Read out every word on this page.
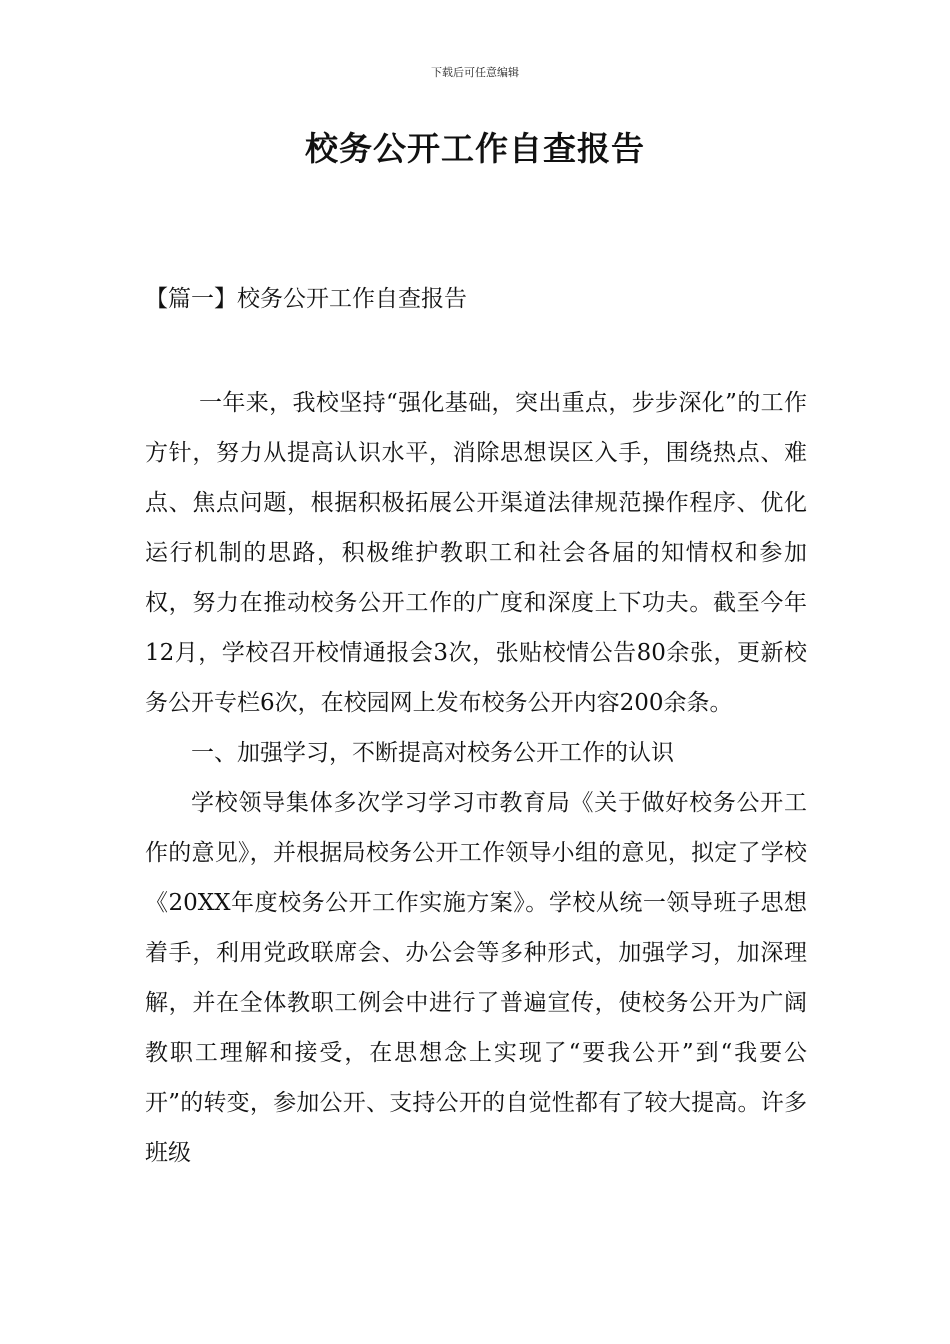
下载后可任意编辑
校务公开工作自查报告
【篇一】校务公开工作自查报告

一年来，我校坚持“强化基础，突出重点，步步深化”的工作方针，努力从提高认识水平，消除思想误区入手，围绕热点、难点、焦点问题，根据积极拓展公开渠道法律规范操作程序、优化运行机制的思路，积极维护教职工和社会各届的知情权和参加权，努力在推动校务公开工作的广度和深度上下功夫。截至今年12月，学校召开校情通报会3次，张贴校情公告80余张，更新校务公开专栏6次，在校园网上发布校务公开内容200余条。

一、加强学习，不断提高对校务公开工作的认识

学校领导集体多次学习学习市教育局《关于做好校务公开工作的意见》，并根据局校务公开工作领导小组的意见，拟定了学校《20XX年度校务公开工作实施方案》。学校从统一领导班子思想着手，利用党政联席会、办公会等多种形式，加强学习，加深理解，并在全体教职工例会中进行了普遍宣传，使校务公开为广阔教职工理解和接受，在思想念上实现了“要我公开”到“我要公开”的转变，参加公开、支持公开的自觉性都有了较大提高。许多班级
